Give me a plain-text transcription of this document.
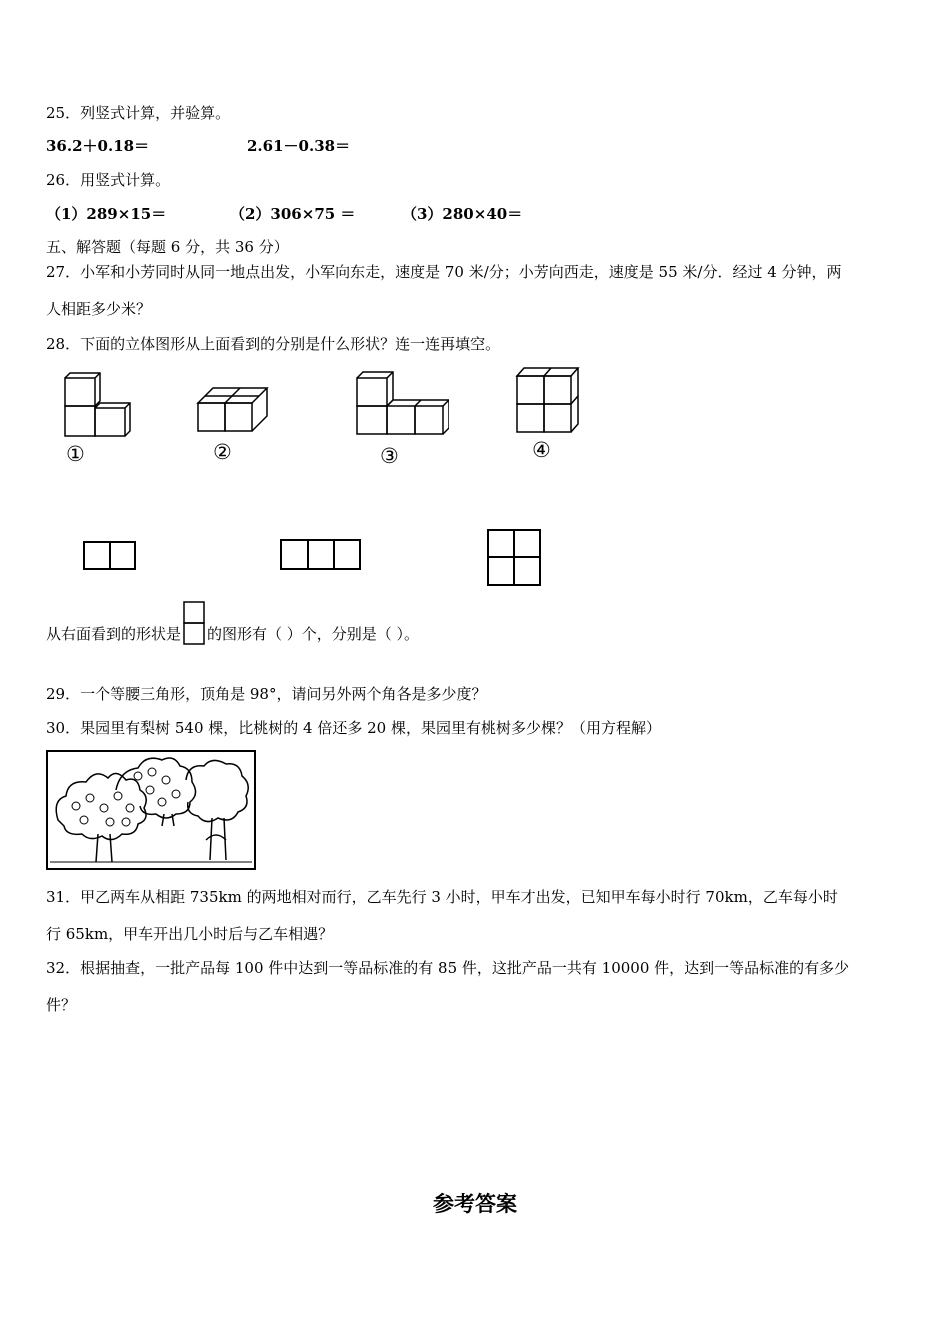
25．列竖式计算，并验算。
36.2＋0.18＝	2.61－0.38＝
26．用竖式计算。
（1）289×15＝	（2）306×75 ＝	（3）280×40＝
五、解答题（每题 6 分，共 36 分）
27．小军和小芳同时从同一地点出发，小军向东走，速度是 70 米/分；小芳向西走，速度是 55 米/分．经过 4 分钟，两
人相距多少米？
28．下面的立体图形从上面看到的分别是什么形状？连一连再填空。
①	②	③	④
从右面看到的形状是 的图形有（ ）个，分别是（ ）。
29．一个等腰三角形，顶角是 98°，请问另外两个角各是多少度？
30．果园里有梨树 540 棵，比桃树的 4 倍还多 20 棵，果园里有桃树多少棵？（用方程解）
31．甲乙两车从相距 735km 的两地相对而行，乙车先行 3 小时，甲车才出发，已知甲车每小时行 70km，乙车每小时
行 65km，甲车开出几小时后与乙车相遇？
32．根据抽查，一批产品每 100 件中达到一等品标准的有 85 件，这批产品一共有 10000 件，达到一等品标准的有多少
件？
参考答案
